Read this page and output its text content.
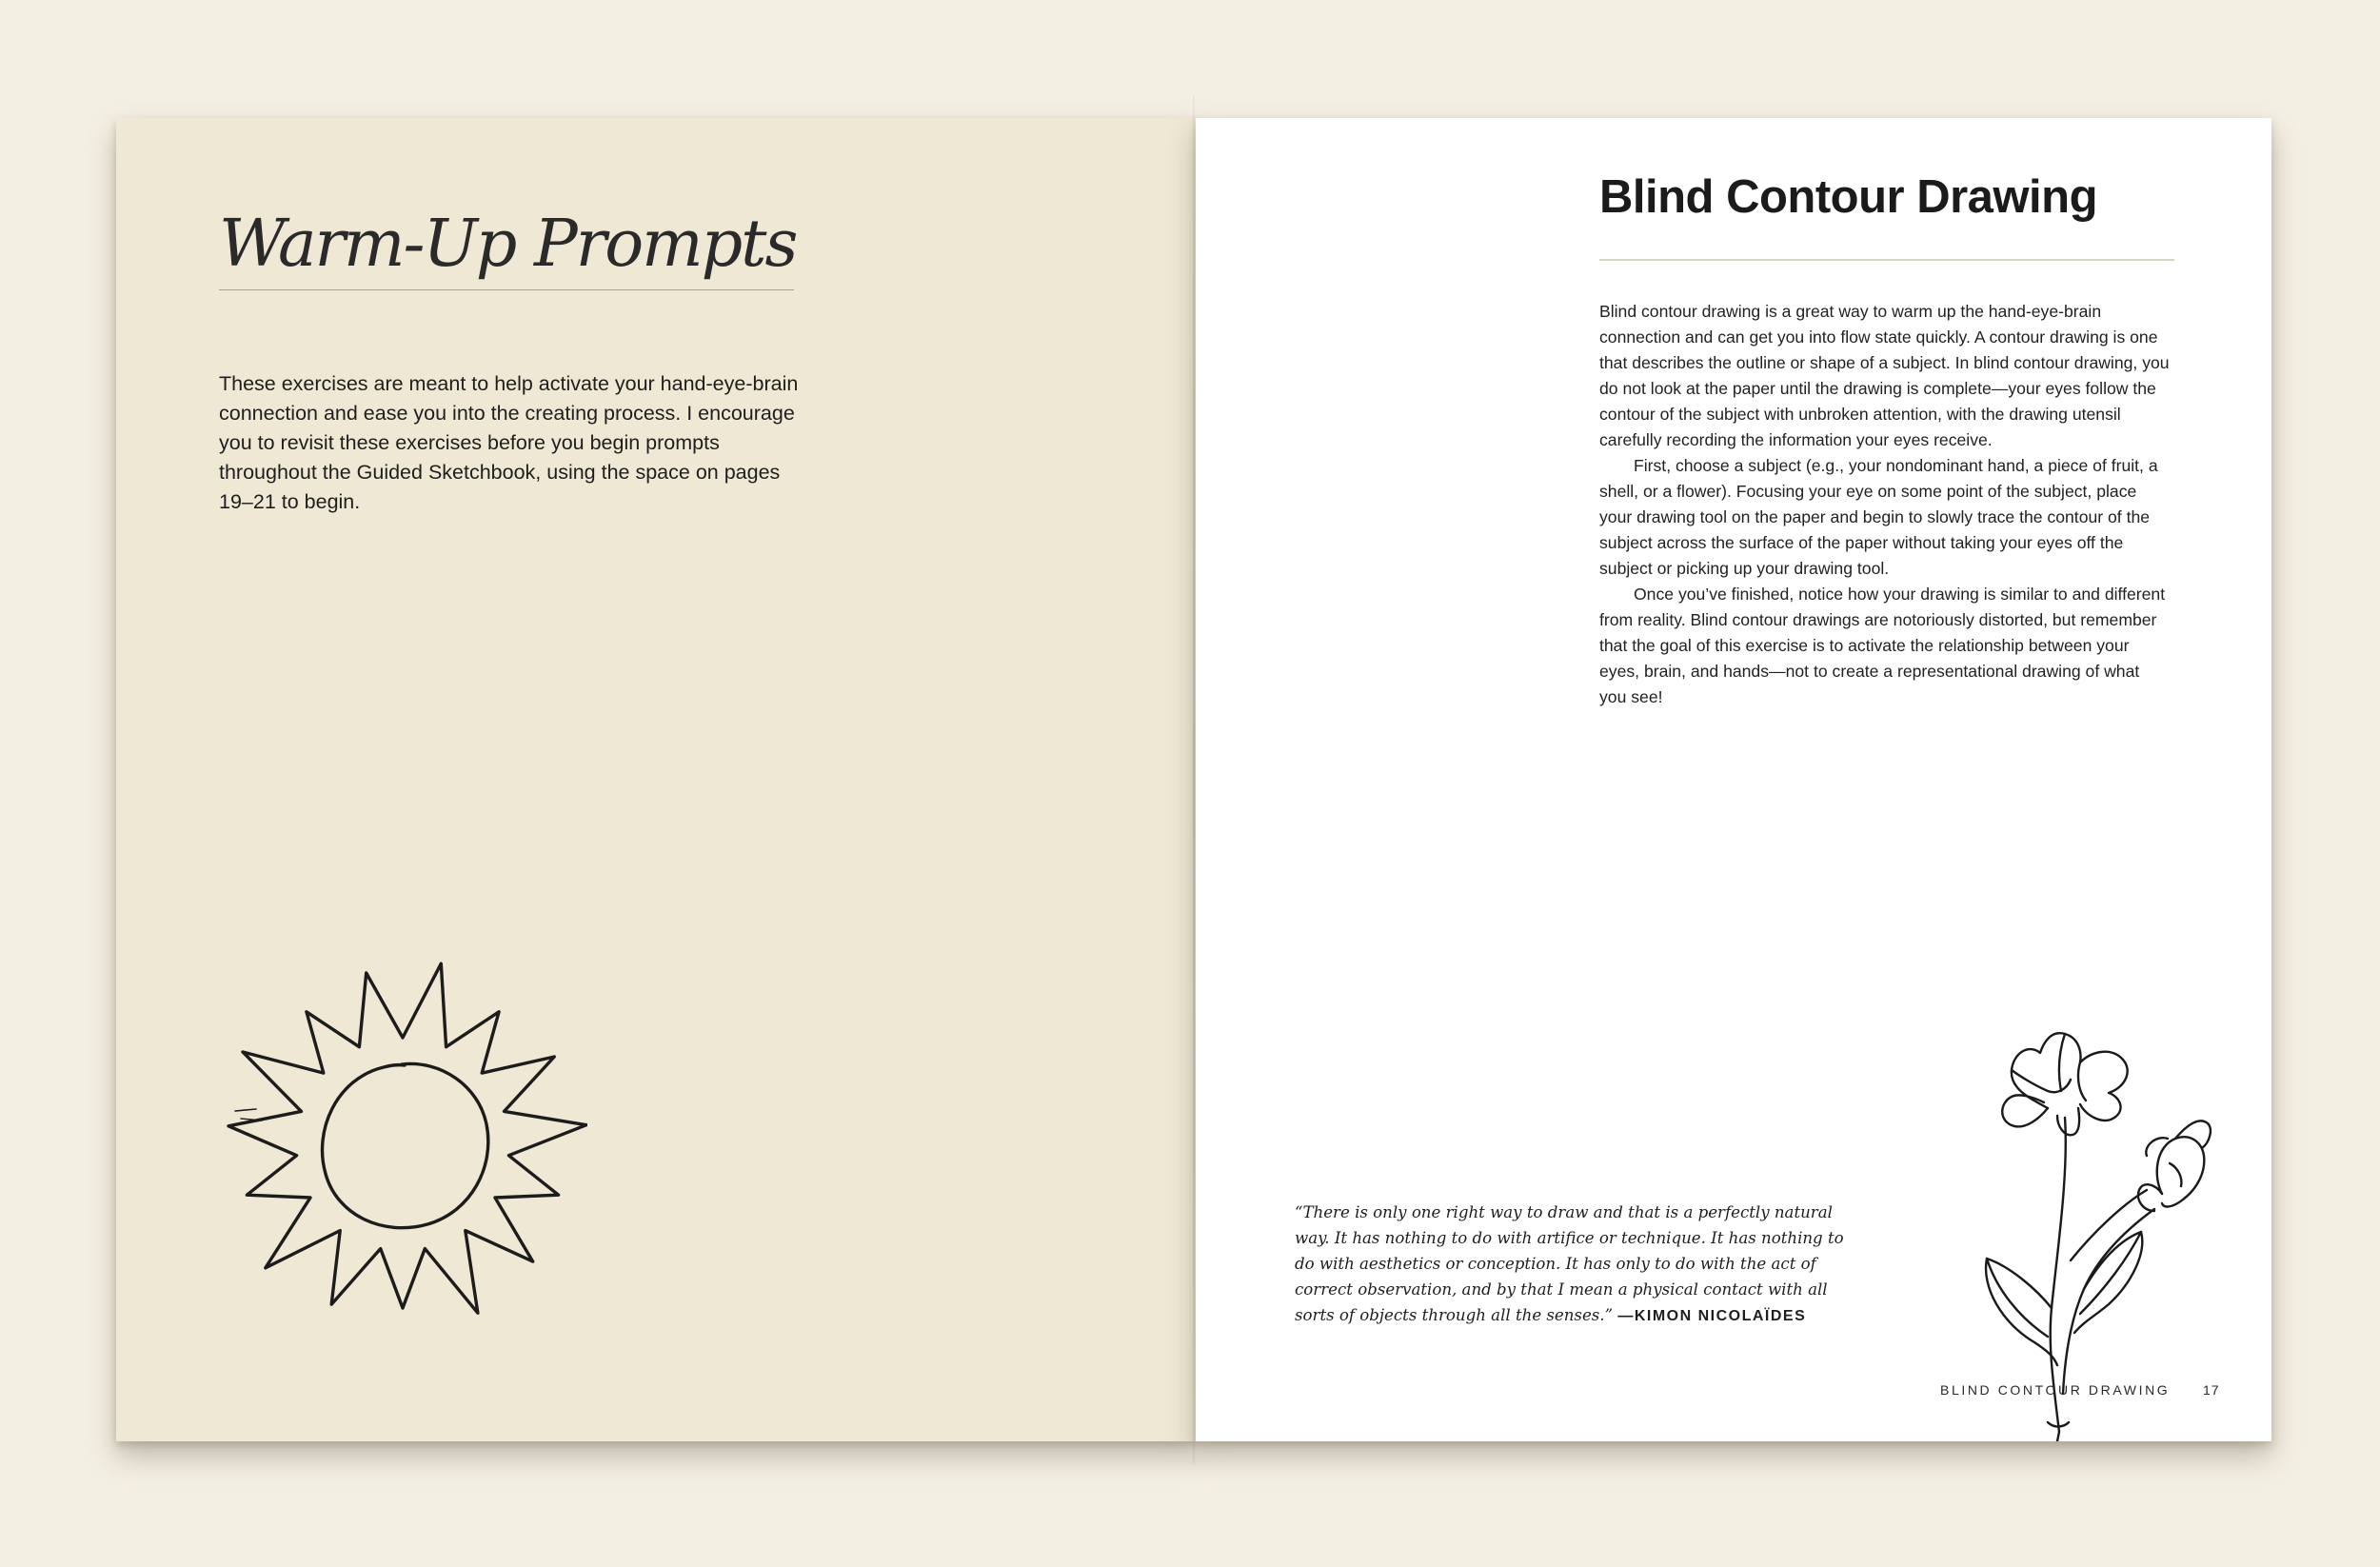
Warm-Up Prompts

These exercises are meant to help activate your hand-eye-brain connection and ease you into the creating process. I encourage you to revisit these exercises before you begin prompts throughout the Guided Sketchbook, using the space on pages 19–21 to begin.

Blind Contour Drawing

Blind contour drawing is a great way to warm up the hand-eye-brain connection and can get you into flow state quickly. A contour drawing is one that describes the outline or shape of a subject. In blind contour drawing, you do not look at the paper until the drawing is complete—your eyes follow the contour of the subject with unbroken attention, with the drawing utensil carefully recording the information your eyes receive.

First, choose a subject (e.g., your nondominant hand, a piece of fruit, a shell, or a flower). Focusing your eye on some point of the subject, place your drawing tool on the paper and begin to slowly trace the contour of the subject across the surface of the paper without taking your eyes off the subject or picking up your drawing tool.

Once you’ve finished, notice how your drawing is similar to and different from reality. Blind contour drawings are notoriously distorted, but remember that the goal of this exercise is to activate the relationship between your eyes, brain, and hands—not to create a representational drawing of what you see!

“There is only one right way to draw and that is a perfectly natural way. It has nothing to do with artifice or technique. It has nothing to do with aesthetics or conception. It has only to do with the act of correct observation, and by that I mean a physical contact with all sorts of objects through all the senses.” —KIMON NICOLAÏDES

BLIND CONTOUR DRAWING 17
